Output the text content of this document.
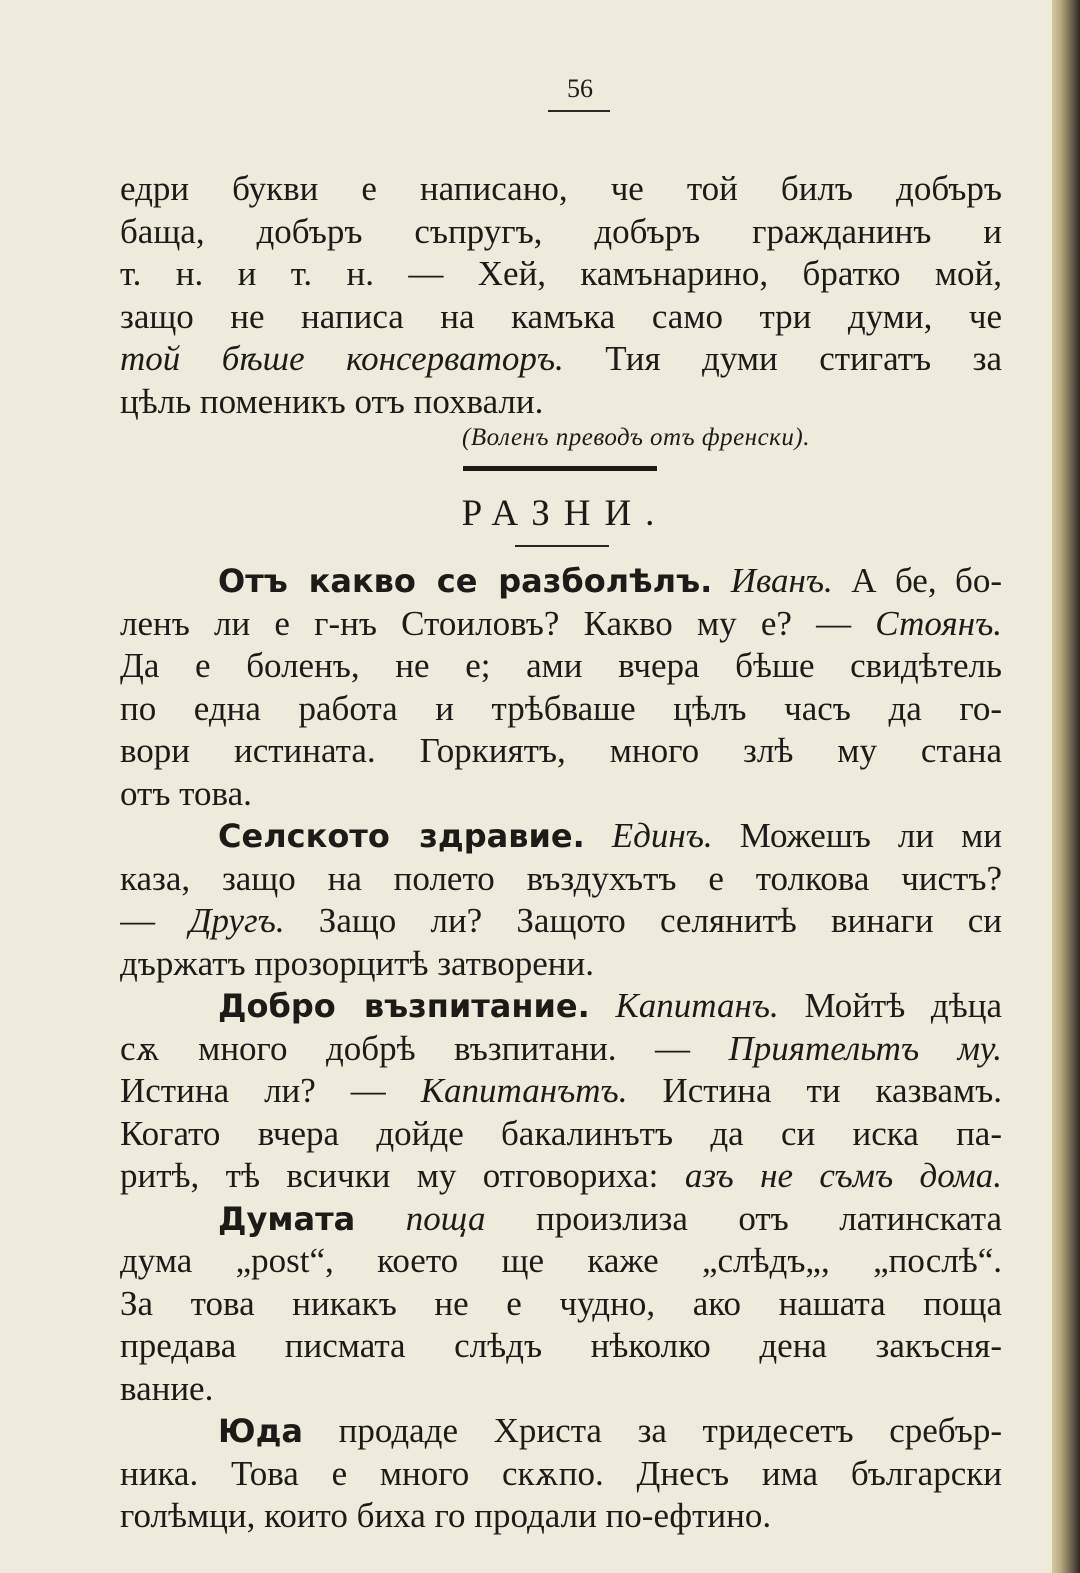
56
едри букви е написано, че той билъ добъръ
баща, добъръ съпругъ, добъръ гражданинъ и
т. н. и т. н. — Хей, камънарино, братко мой,
защо не написа на камъка само три думи, че
той бѣше консерваторъ. Тия думи стигатъ за
цѣль поменикъ отъ похвали.
(Воленъ преводъ отъ френски).
РАЗНИ.
Отъ какво се разболѣлъ. Иванъ. А бе, бо-
ленъ ли е г-нъ Стоиловъ? Какво му е? — Стоянъ.
Да е боленъ, не е; ами вчера бѣше свидѣтель
по една работа и трѣбваше цѣлъ часъ да го-
вори истината. Горкиятъ, много злѣ му стана
отъ това.
Селското здравие. Единъ. Можешъ ли ми
каза, защо на полето въздухътъ е толкова чистъ?
— Другъ. Защо ли? Защото селянитѣ винаги си
държатъ прозорцитѣ затворени.
Добро възпитание. Капитанъ. Мойтѣ дѣца
сѫ много добрѣ възпитани. — Приятельтъ му.
Истина ли? — Капитанътъ. Истина ти казвамъ.
Когато вчера дойде бакалинътъ да си иска па-
ритѣ, тѣ всички му отговориха: азъ не съмъ дома.
Думата поща произлиза отъ латинската
дума „post“, което ще каже „слѣдъ„, „послѣ“.
За това никакъ не е чудно, ако нашата поща
предава писмата слѣдъ нѣколко дена закъсня-
вание.
Юда продаде Христа за тридесетъ сребър-
ника. Това е много скѫпо. Днесъ има български
голѣмци, които биха го продали по-ефтино.
